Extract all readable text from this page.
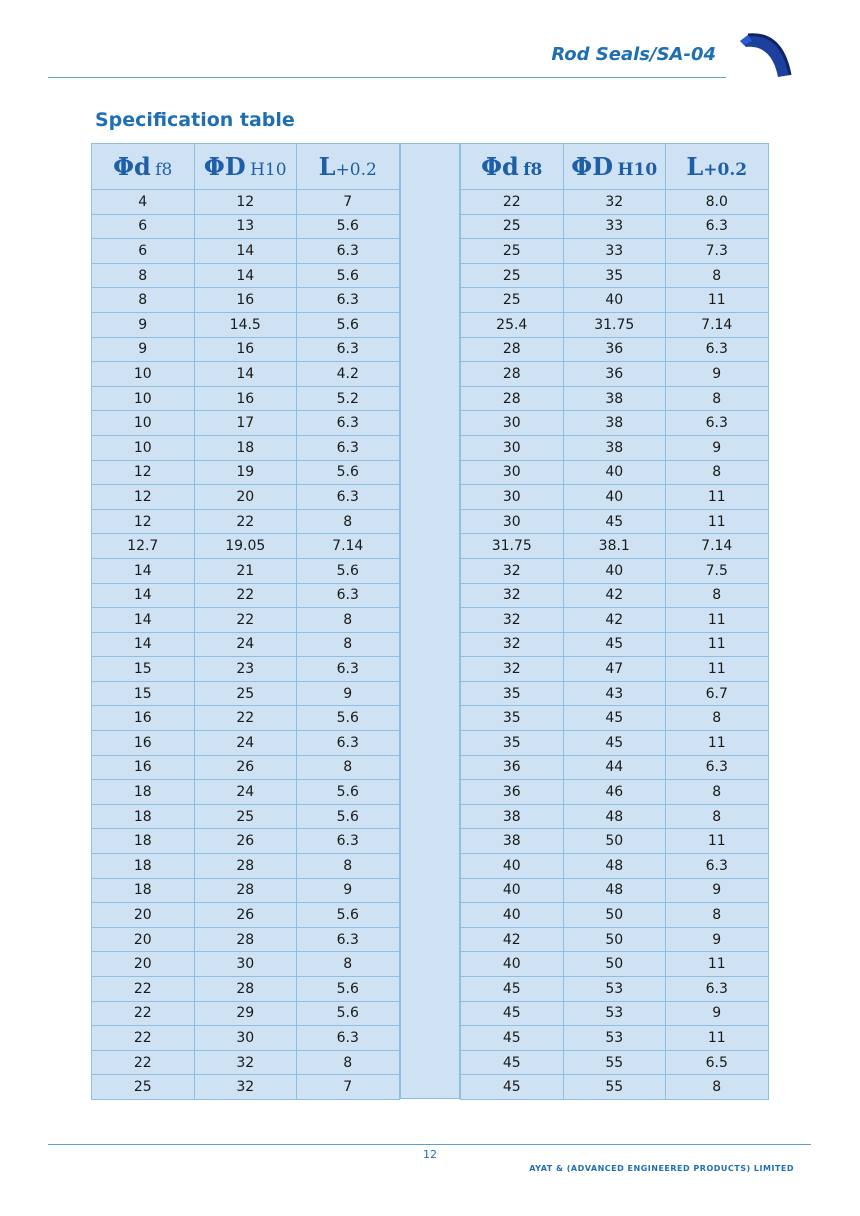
Rod Seals/SA-04
Specification table
Φd f8	ΦD H10	L+0.2
4	12	7
6	13	5.6
6	14	6.3
8	14	5.6
8	16	6.3
9	14.5	5.6
9	16	6.3
10	14	4.2
10	16	5.2
10	17	6.3
10	18	6.3
12	19	5.6
12	20	6.3
12	22	8
12.7	19.05	7.14
14	21	5.6
14	22	6.3
14	22	8
14	24	8
15	23	6.3
15	25	9
16	22	5.6
16	24	6.3
16	26	8
18	24	5.6
18	25	5.6
18	26	6.3
18	28	8
18	28	9
20	26	5.6
20	28	6.3
20	30	8
22	28	5.6
22	29	5.6
22	30	6.3
22	32	8
25	32	7
Φd f8	ΦD H10	L+0.2
22	32	8.0
25	33	6.3
25	33	7.3
25	35	8
25	40	11
25.4	31.75	7.14
28	36	6.3
28	36	9
28	38	8
30	38	6.3
30	38	9
30	40	8
30	40	11
30	45	11
31.75	38.1	7.14
32	40	7.5
32	42	8
32	42	11
32	45	11
32	47	11
35	43	6.7
35	45	8
35	45	11
36	44	6.3
36	46	8
38	48	8
38	50	11
40	48	6.3
40	48	9
40	50	8
42	50	9
40	50	11
45	53	6.3
45	53	9
45	53	11
45	55	6.5
45	55	8
12
AYAT & (ADVANCED ENGINEERED PRODUCTS) LIMITED
